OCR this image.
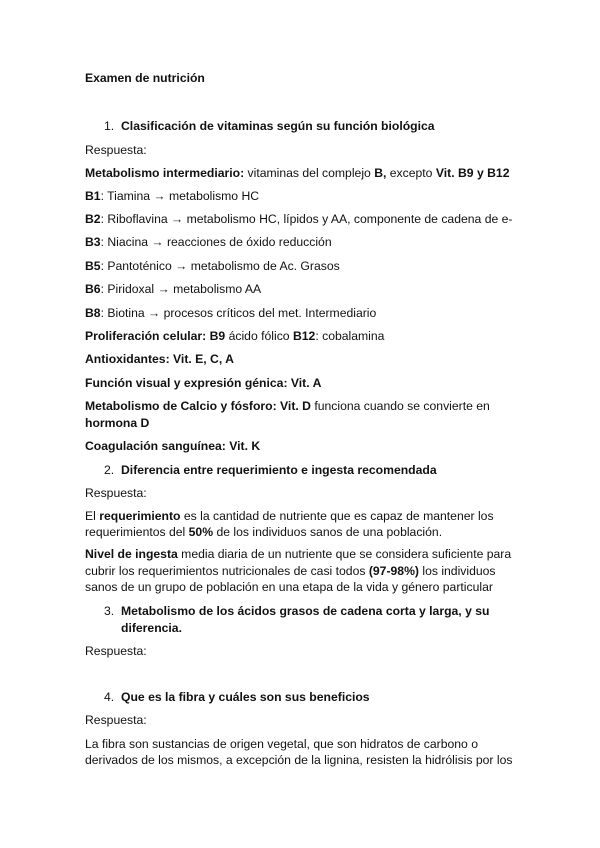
Examen de nutrición
1. Clasificación de vitaminas según su función biológica
Respuesta:
Metabolismo intermediario: vitaminas del complejo B, excepto Vit. B9 y B12
B1: Tiamina → metabolismo HC
B2: Riboflavina → metabolismo HC, lípidos y AA, componente de cadena de e-
B3: Niacina → reacciones de óxido reducción
B5: Pantoténico → metabolismo de Ac. Grasos
B6: Piridoxal → metabolismo AA
B8: Biotina → procesos críticos del met. Intermediario
Proliferación celular: B9 ácido fólico B12: cobalamina
Antioxidantes: Vit. E, C, A
Función visual y expresión génica: Vit. A
Metabolismo de Calcio y fósforo: Vit. D funciona cuando se convierte en
hormona D
Coagulación sanguínea: Vit. K
2. Diferencia entre requerimiento e ingesta recomendada
Respuesta:
El requerimiento es la cantidad de nutriente que es capaz de mantener los
requerimientos del 50% de los individuos sanos de una población.
Nivel de ingesta media diaria de un nutriente que se considera suficiente para
cubrir los requerimientos nutricionales de casi todos (97-98%) los individuos
sanos de un grupo de población en una etapa de la vida y género particular
3. Metabolismo de los ácidos grasos de cadena corta y larga, y su
diferencia.
Respuesta:
4. Que es la fibra y cuáles son sus beneficios
Respuesta:
La fibra son sustancias de origen vegetal, que son hidratos de carbono o
derivados de los mismos, a excepción de la lignina, resisten la hidrólisis por los
